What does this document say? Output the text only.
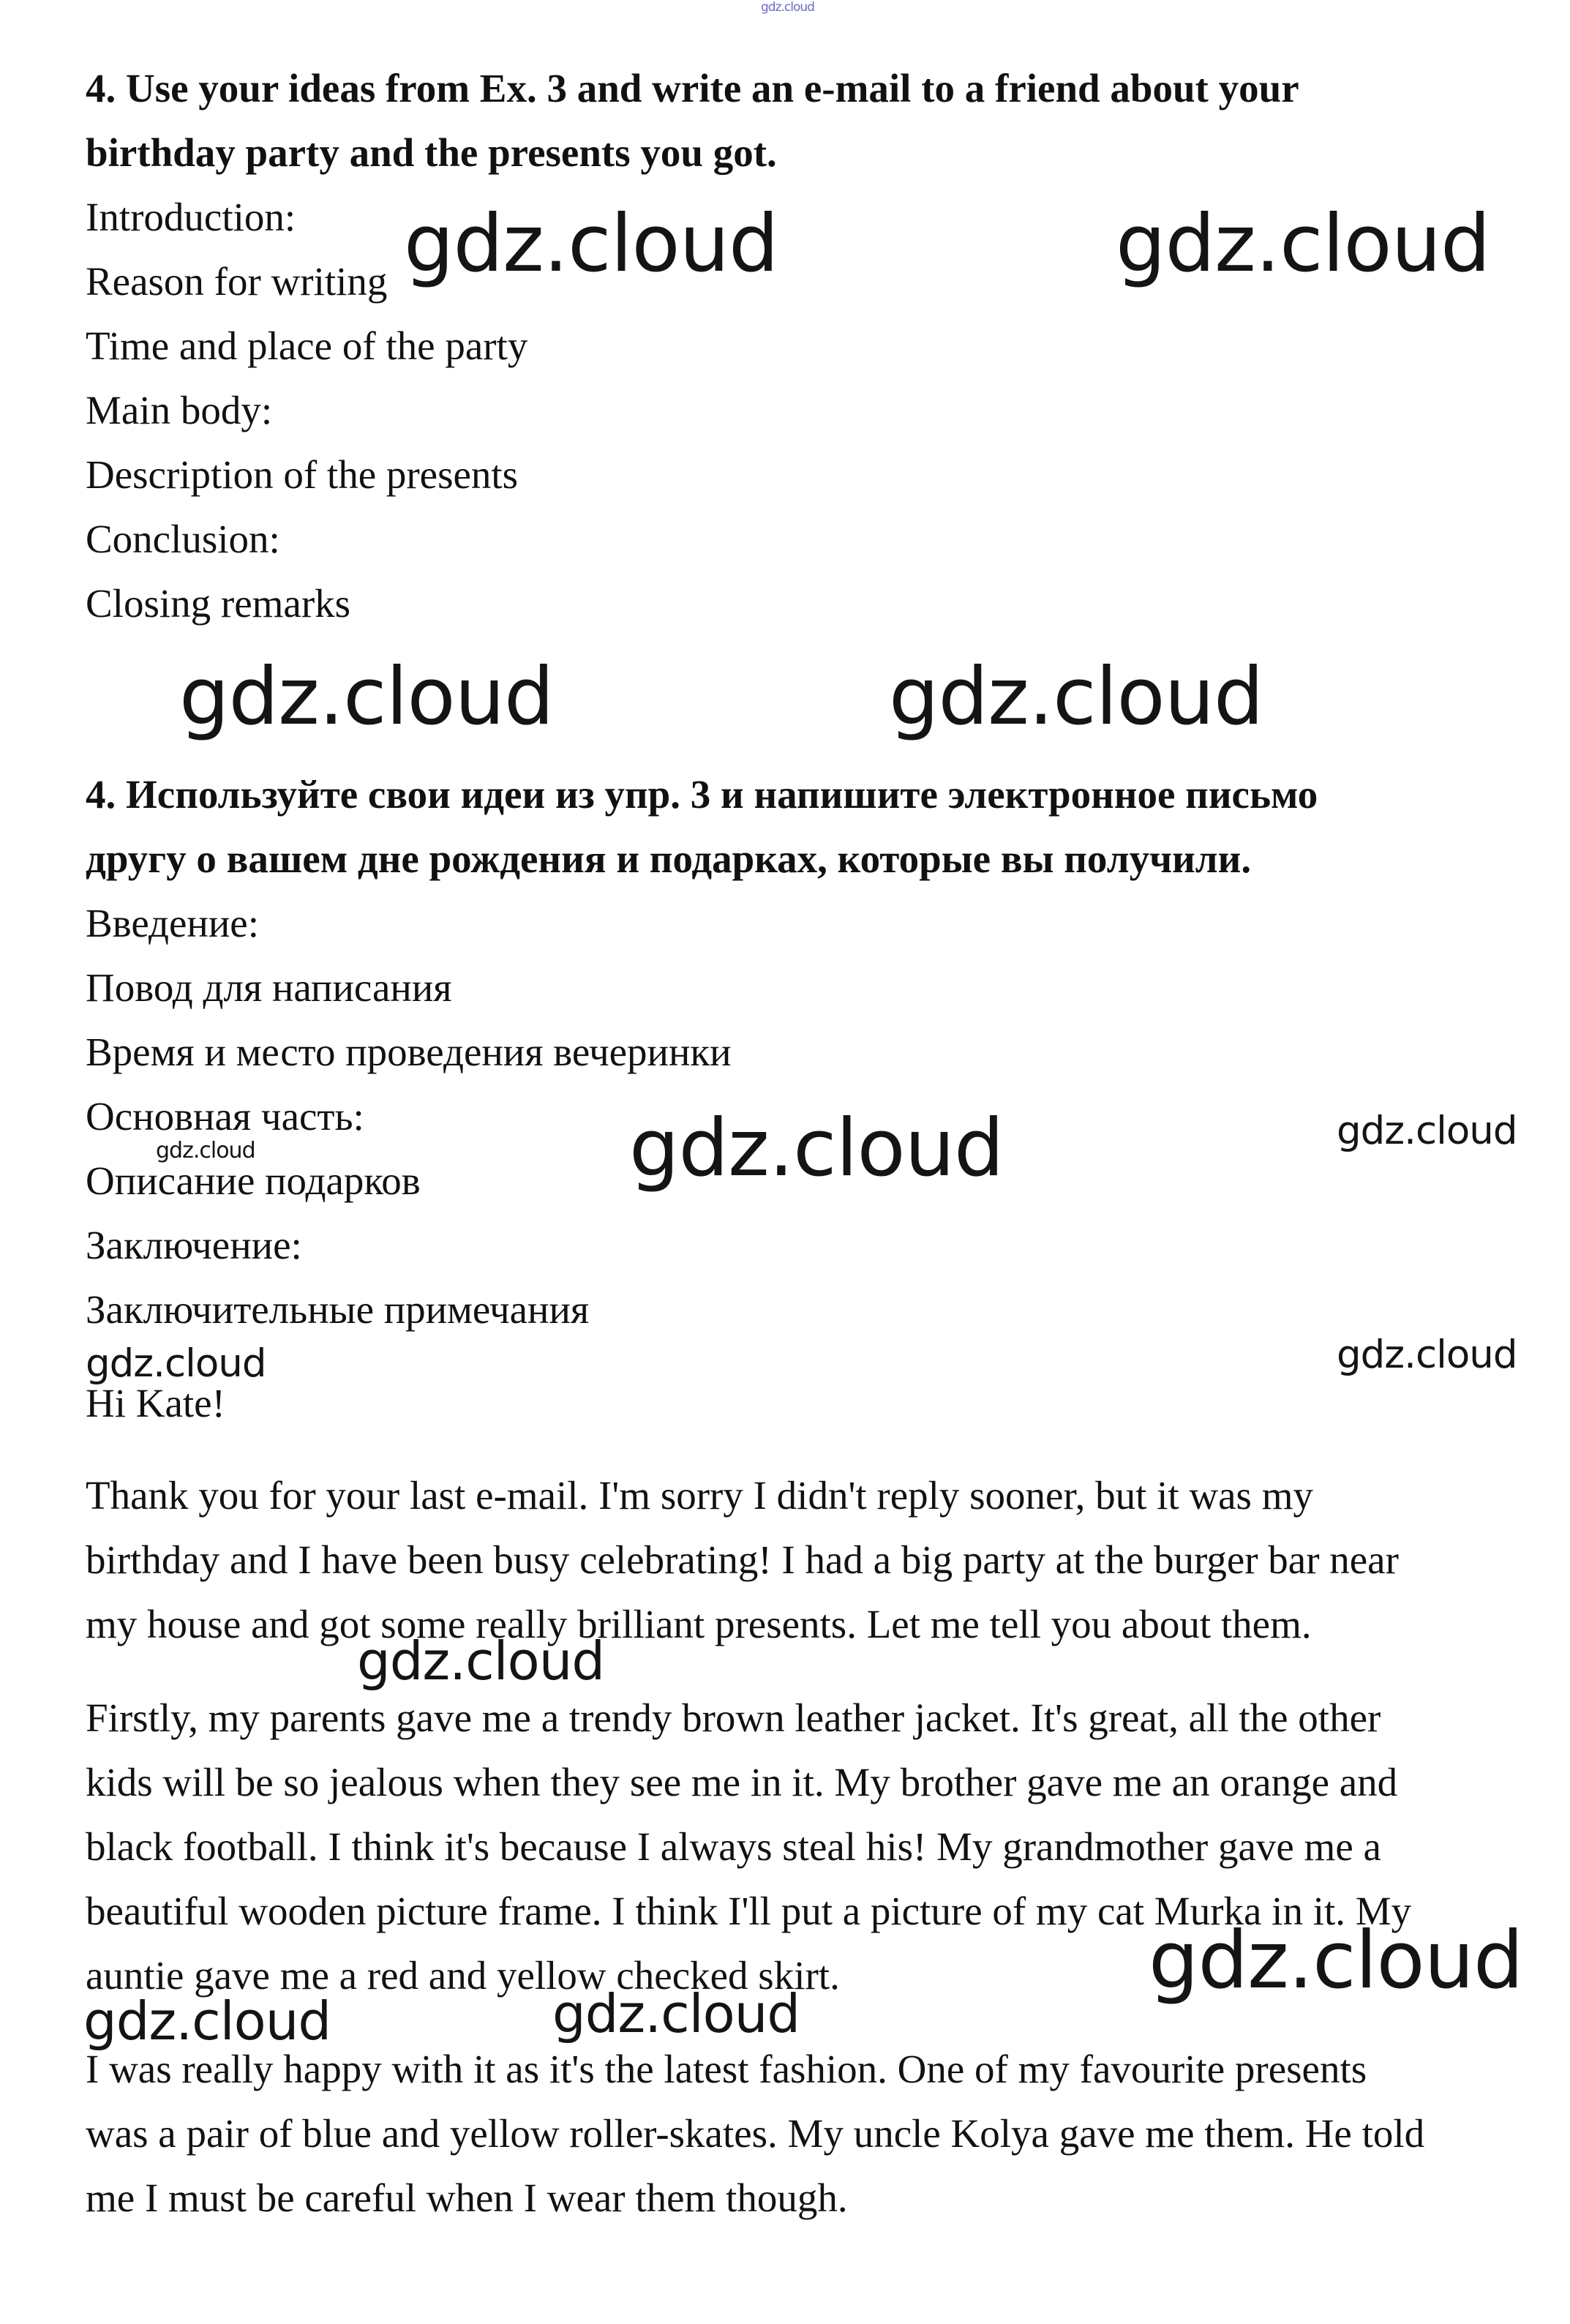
gdz.cloud

4. Use your ideas from Ex. 3 and write an e-mail to a friend about your

birthday party and the presents you got.

Introduction:

Reason for writing

Time and place of the party

Main body:

Description of the presents

Conclusion:

Closing remarks

4. Используйте свои идеи из упр. 3 и напишите электронное письмо

другу о вашем дне рождения и подарках, которые вы получили.

Введение:

Повод для написания

Время и место проведения вечеринки

Основная часть:

Описание подарков

Заключение:

Заключительные примечания

Hi Kate!

Thank you for your last e-mail. I'm sorry I didn't reply sooner, but it was my

birthday and I have been busy celebrating! I had a big party at the burger bar near

my house and got some really brilliant presents. Let me tell you about them.

Firstly, my parents gave me a trendy brown leather jacket. It's great, all the other

kids will be so jealous when they see me in it. My brother gave me an orange and

black football. I think it's because I always steal his! My grandmother gave me a

beautiful wooden picture frame. I think I'll put a picture of my cat Murka in it. My

auntie gave me a red and yellow checked skirt.

I was really happy with it as it's the latest fashion. One of my favourite presents

was a pair of blue and yellow roller-skates. My uncle Kolya gave me them. He told

me I must be careful when I wear them though.

gdz.cloud	gdz.cloud
gdz.cloud	gdz.cloud
gdz.cloud
gdz.cloud	gdz.cloud
gdz.cloud	gdz.cloud
gdz.cloud
gdz.cloud
gdz.cloud	gdz.cloud
